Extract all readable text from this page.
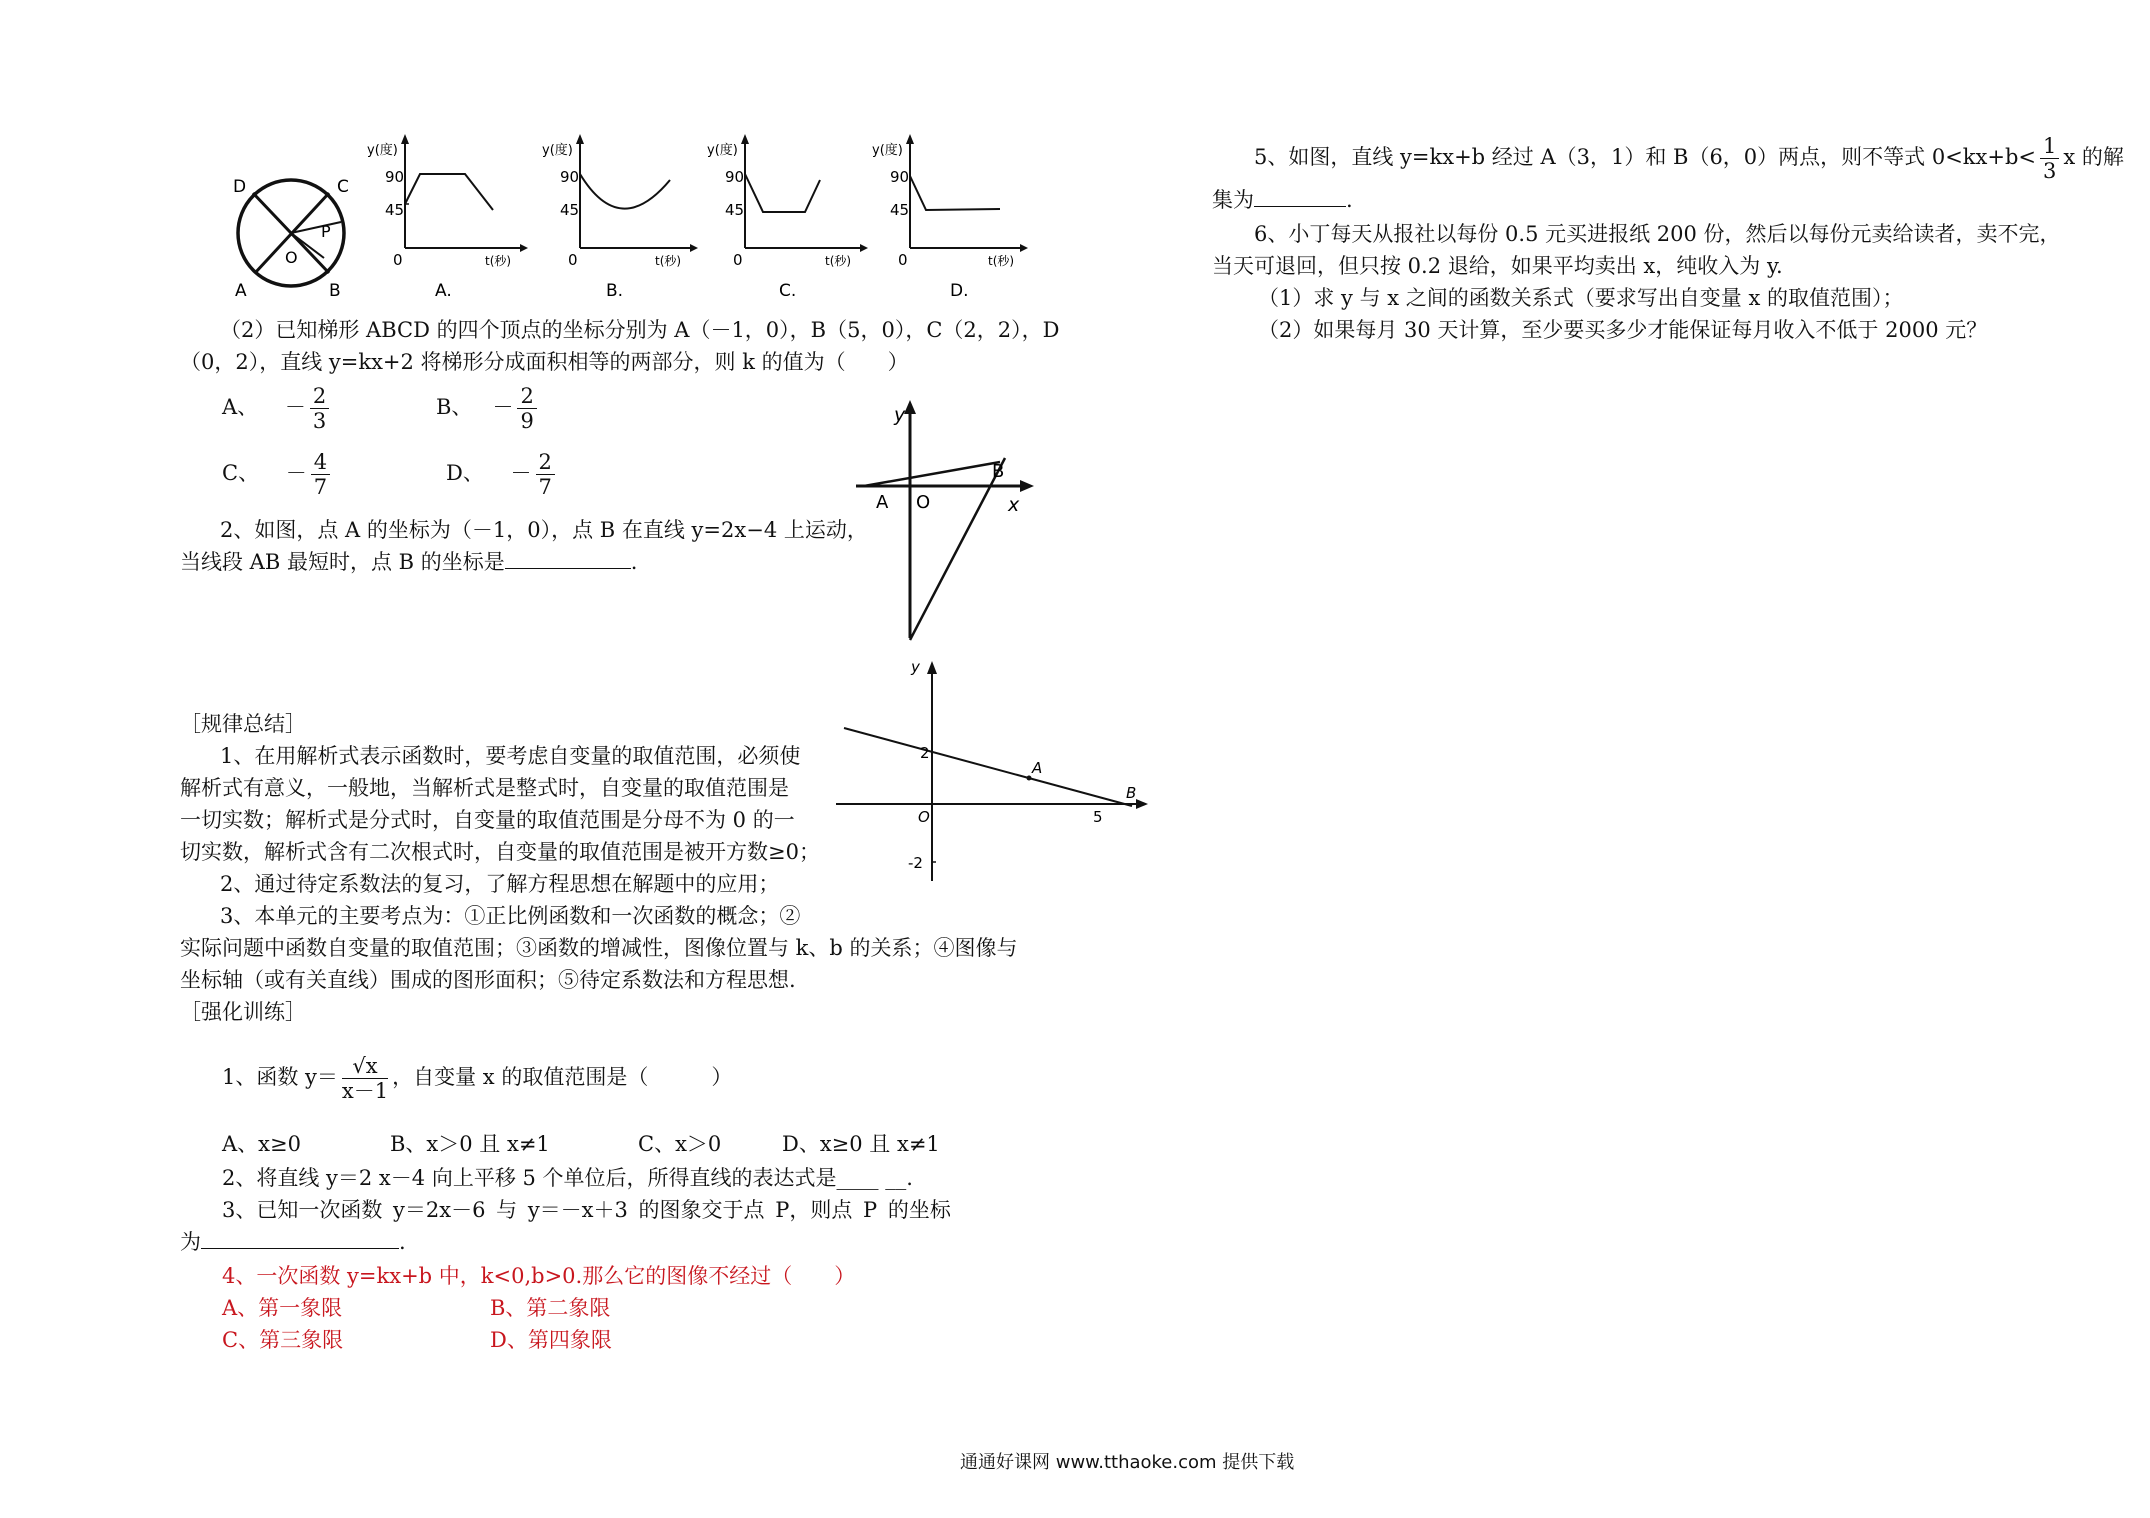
D	C
P
O
A	B
y(度)
90
45
0	t(秒)
A.
y(度)
90
45
0	t(秒)
B.
y(度)
90
45
0	t(秒)
C.
y(度)
90
45
0	t(秒)
D.
（2）已知梯形 ABCD 的四个顶点的坐标分别为 A（－1，0），B（5，0），C（2，2），D
（0，2），直线 y=kx+2 将梯形分成面积相等的两部分，则 k 的值为（　　）
A、 － $\frac{2}{3}$	B、 － $\frac{2}{9}$
C、 － $\frac{4}{7}$	D、 － $\frac{2}{7}$
2、如图，点 A 的坐标为（－1，0），点 B 在直线 y=2x−4 上运动，
当线段 AB 最短时，点 B 的坐标是	.
y
x
A O
B
y
A
B
O
2
5
-2
［规律总结］
1、在用解析式表示函数时，要考虑自变量的取值范围，必须使
解析式有意义，一般地，当解析式是整式时，自变量的取值范围是
一切实数；解析式是分式时，自变量的取值范围是分母不为 0 的一
切实数，解析式含有二次根式时，自变量的取值范围是被开方数≥0；
2、通过待定系数法的复习，了解方程思想在解题中的应用；
3、本单元的主要考点为：①正比例函数和一次函数的概念；②
实际问题中函数自变量的取值范围；③函数的增减性，图像位置与 k、b 的关系；④图像与
坐标轴（或有关直线）围成的图形面积；⑤待定系数法和方程思想.
［强化训练］
1、函数 $y= \frac{√x}{x-1}$ ，自变量 x 的取值范围是（　　　）
A、x≥0	B、x＞0 且 x≠1	C、x＞0	D、x≥0 且 x≠1
2、将直线 y＝2 x－4 向上平移 5 个单位后，所得直线的表达式是____ __.
3、已知一次函数 y＝2x－6 与 y＝－x＋3 的图象交于点 P，则点 P 的坐标
为	.
4、一次函数 y=kx+b 中，k<0,b>0.那么它的图像不经过（　　）
A、第一象限	B、第二象限
C、第三象限	D、第四象限
5、如图，直线 y=kx+b 经过 A（3，1）和 B（6，0）两点，则不等式 $0<kx+b< \frac{1}{3}$ x 的解
集为	.
6、小丁每天从报社以每份 0.5 元买进报纸 200 份，然后以每份元卖给读者，卖不完，
当天可退回，但只按 0.2 退给，如果平均卖出 x，纯收入为 y.
（1）求 y 与 x 之间的函数关系式（要求写出自变量 x 的取值范围）；
（2）如果每月 30 天计算，至少要买多少才能保证每月收入不低于 2000 元？
通通好课网 www.tthaoke.com 提供下载
